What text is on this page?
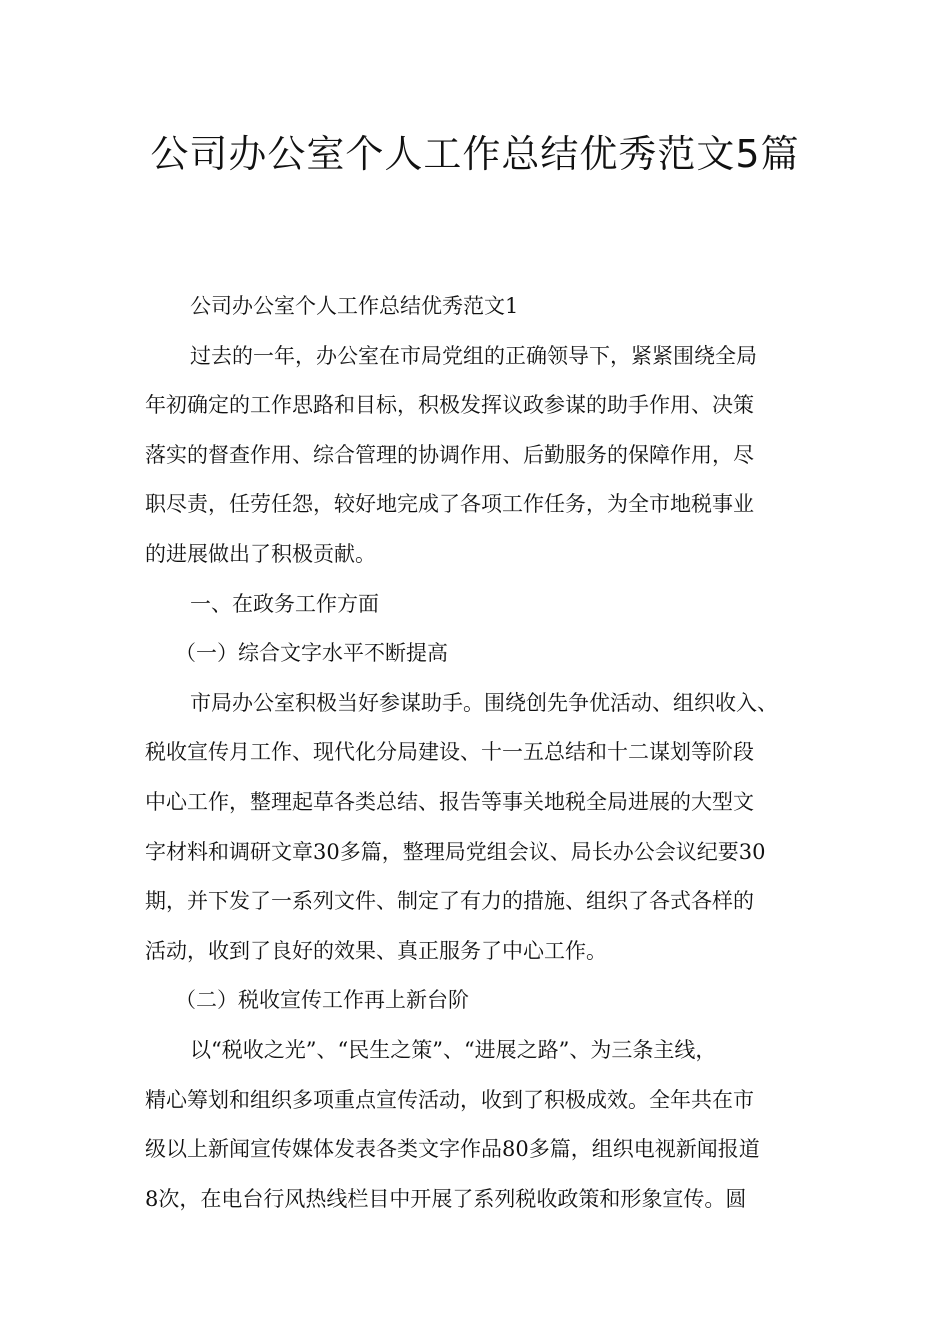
公司办公室个人工作总结优秀范文5篇
公司办公室个人工作总结优秀范文1

过去的一年，办公室在市局党组的正确领导下，紧紧围绕全局
年初确定的工作思路和目标，积极发挥议政参谋的助手作用、决策
落实的督查作用、综合管理的协调作用、后勤服务的保障作用，尽
职尽责，任劳任怨，较好地完成了各项工作任务，为全市地税事业
的进展做出了积极贡献。

一、在政务工作方面
（一）综合文字水平不断提高

市局办公室积极当好参谋助手。围绕创先争优活动、组织收入、
税收宣传月工作、现代化分局建设、十一五总结和十二谋划等阶段
中心工作，整理起草各类总结、报告等事关地税全局进展的大型文
字材料和调研文章30多篇，整理局党组会议、局长办公会议纪要30
期，并下发了一系列文件、制定了有力的措施、组织了各式各样的
活动，收到了良好的效果、真正服务了中心工作。

（二）税收宣传工作再上新台阶

以“税收之光”、“民生之策”、“进展之路”、为三条主线，
精心筹划和组织多项重点宣传活动，收到了积极成效。全年共在市
级以上新闻宣传媒体发表各类文字作品80多篇，组织电视新闻报道
8次，在电台行风热线栏目中开展了系列税收政策和形象宣传。圆
